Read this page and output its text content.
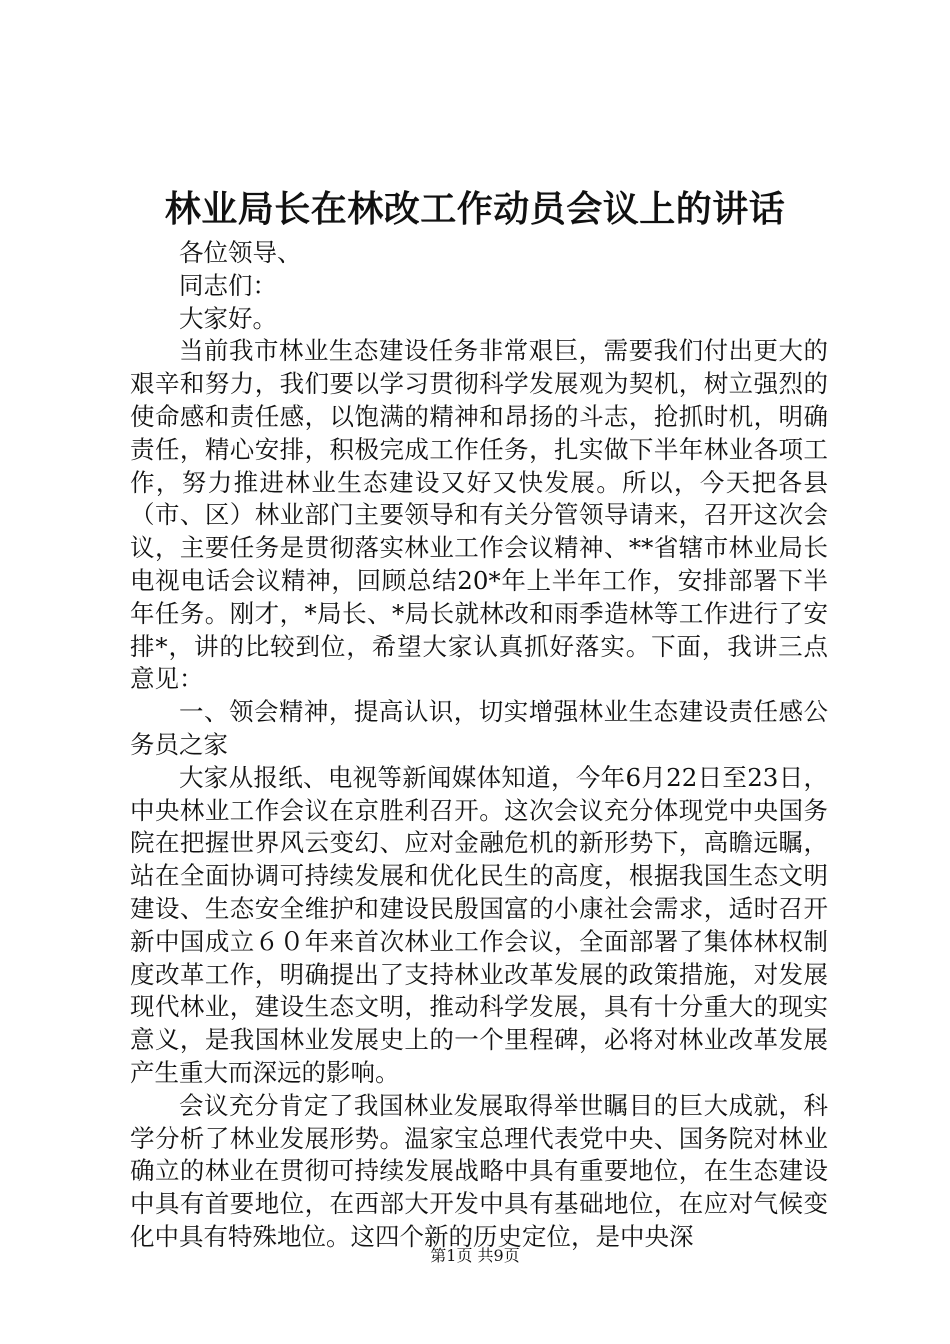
林业局长在林改工作动员会议上的讲话

各位领导、

同志们：

大家好。

当前我市林业生态建设任务非常艰巨，需要我们付出更大的艰辛和努力，我们要以学习贯彻科学发展观为契机，树立强烈的使命感和责任感，以饱满的精神和昂扬的斗志，抢抓时机，明确责任，精心安排，积极完成工作任务，扎实做下半年林业各项工作，努力推进林业生态建设又好又快发展。所以，今天把各县（市、区）林业部门主要领导和有关分管领导请来，召开这次会议，主要任务是贯彻落实林业工作会议精神、**省辖市林业局长电视电话会议精神，回顾总结20*年上半年工作，安排部署下半年任务。刚才，*局长、*局长就林改和雨季造林等工作进行了安排*，讲的比较到位，希望大家认真抓好落实。下面，我讲三点意见：

一、领会精神，提高认识，切实增强林业生态建设责任感公务员之家

大家从报纸、电视等新闻媒体知道，今年6月22日至23日，中央林业工作会议在京胜利召开。这次会议充分体现党中央国务院在把握世界风云变幻、应对金融危机的新形势下，高瞻远瞩，站在全面协调可持续发展和优化民生的高度，根据我国生态文明建设、生态安全维护和建设民殷国富的小康社会需求，适时召开新中国成立６０年来首次林业工作会议，全面部署了集体林权制度改革工作，明确提出了支持林业改革发展的政策措施，对发展现代林业，建设生态文明，推动科学发展，具有十分重大的现实意义，是我国林业发展史上的一个里程碑，必将对林业改革发展产生重大而深远的影响。

会议充分肯定了我国林业发展取得举世瞩目的巨大成就，科学分析了林业发展形势。温家宝总理代表党中央、国务院对林业确立的林业在贯彻可持续发展战略中具有重要地位，在生态建设中具有首要地位，在西部大开发中具有基础地位，在应对气候变化中具有特殊地位。这四个新的历史定位，是中央深

第1页 共9页
